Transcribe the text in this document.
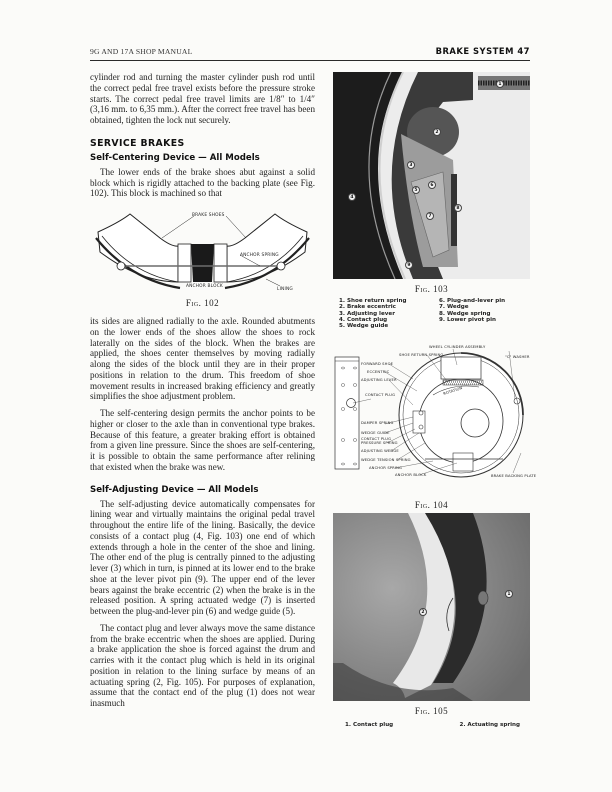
9G AND 17A SHOP MANUAL	BRAKE SYSTEM 47

cylinder rod and turning the master cylinder push rod until the correct pedal free travel exists before the pressure stroke starts. The correct pedal free travel limits are 1/8″ to 1/4″ (3,16 mm. to 6,35 mm.). After the correct free travel has been obtained, tighten the lock nut securely.

SERVICE BRAKES
Self-Centering Device — All Models

The lower ends of the brake shoes abut against a solid block which is rigidly attached to the backing plate (see Fig. 102). This block is machined so that

BRAKE SHOES
ANCHOR SPRING
ANCHOR BLOCK
LINING
Fig. 102

its sides are aligned radially to the axle. Rounded abutments on the lower ends of the shoes allow the shoes to rock laterally on the sides of the block. When the brakes are applied, the shoes center themselves by moving radially along the sides of the block until they are in their proper positions in relation to the drum. This freedom of shoe movement results in increased braking efficiency and greatly simplifies the shoe adjustment problem.

The self-centering design permits the anchor points to be higher or closer to the axle than in conventional type brakes. Because of this feature, a greater braking effort is obtained from a given line pressure. Since the shoes are self-centering, it is possible to obtain the same performance after relining that existed when the brake was new.

Self-Adjusting Device — All Models

The self-adjusting device automatically compensates for lining wear and virtually maintains the original pedal travel throughout the entire life of the lining. Basically, the device consists of a contact plug (4, Fig. 103) one end of which extends through a hole in the center of the shoe and lining. The other end of the plug is centrally pinned to the adjusting lever (3) which in turn, is pinned at its lower end to the brake shoe at the lever pivot pin (9). The upper end of the lever bears against the brake eccentric (2) when the brake is in the released position. A spring actuated wedge (7) is inserted between the plug-and-lever pin (6) and wedge guide (5).

The contact plug and lever always move the same distance from the brake eccentric when the shoes are applied. During a brake application the shoe is forced against the drum and carries with it the contact plug which is held in its original position in relation to the lining surface by means of an actuating spring (2, Fig. 105). For purposes of explanation, assume that the contact end of the plug (1) does not wear inasmuch

1
2
3
4
5
6
7
8
9
Fig. 103
1. Shoe return spring
2. Brake eccentric
3. Adjusting lever
4. Contact plug
5. Wedge guide
6. Plug-and-lever pin
7. Wedge
8. Wedge spring
9. Lower pivot pin
WHEEL CYLINDER ASSEMBLY
SHOE RETURN SPRING	"C" WASHER
FORWARD SHOE
ECCENTRIC
ADJUSTING LEVER
CONTACT PLUG	ROTATION
DAMPER SPRING
WEDGE GUIDE
CONTACT PLUG
PRESSURE SPRING
ADJUSTING WEDGE
WEDGE TENSION SPRING
ANCHOR SPRING
ANCHOR BLOCK	BRAKE BACKING PLATE
Fig. 104
1
2
Fig. 105
1. Contact plug	2. Actuating spring
